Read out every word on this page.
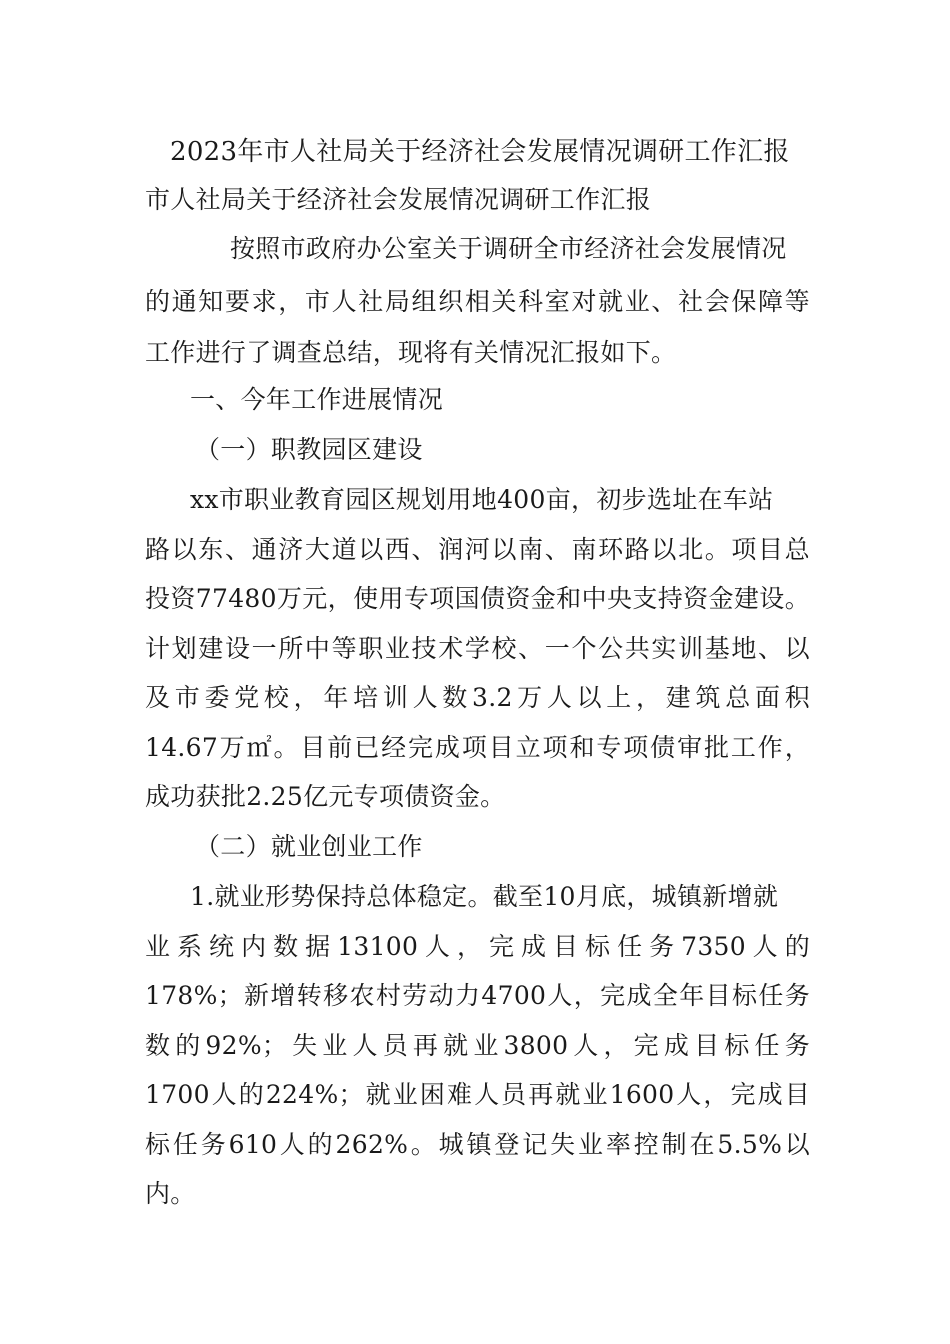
2023年市人社局关于经济社会发展情况调研工作汇报
市人社局关于经济社会发展情况调研工作汇报
按照市政府办公室关于调研全市经济社会发展情况
的通知要求，市人社局组织相关科室对就业、社会保障等
工作进行了调查总结，现将有关情况汇报如下。
一、今年工作进展情况
（一）职教园区建设
xx市职业教育园区规划用地400亩，初步选址在车站
路以东、通济大道以西、润河以南、南环路以北。项目总
投资77480万元，使用专项国债资金和中央支持资金建设。
计划建设一所中等职业技术学校、一个公共实训基地、以
及市委党校，年培训人数3.2万人以上，建筑总面积
14.67万㎡。目前已经完成项目立项和专项债审批工作，
成功获批2.25亿元专项债资金。
（二）就业创业工作
1.就业形势保持总体稳定。截至10月底，城镇新增就
业系统内数据13100人，完成目标任务7350人的
178%；新增转移农村劳动力4700人，完成全年目标任务
数的92%；失业人员再就业3800人，完成目标任务
1700人的224%；就业困难人员再就业1600人，完成目
标任务610人的262%。城镇登记失业率控制在5.5%以
内。
